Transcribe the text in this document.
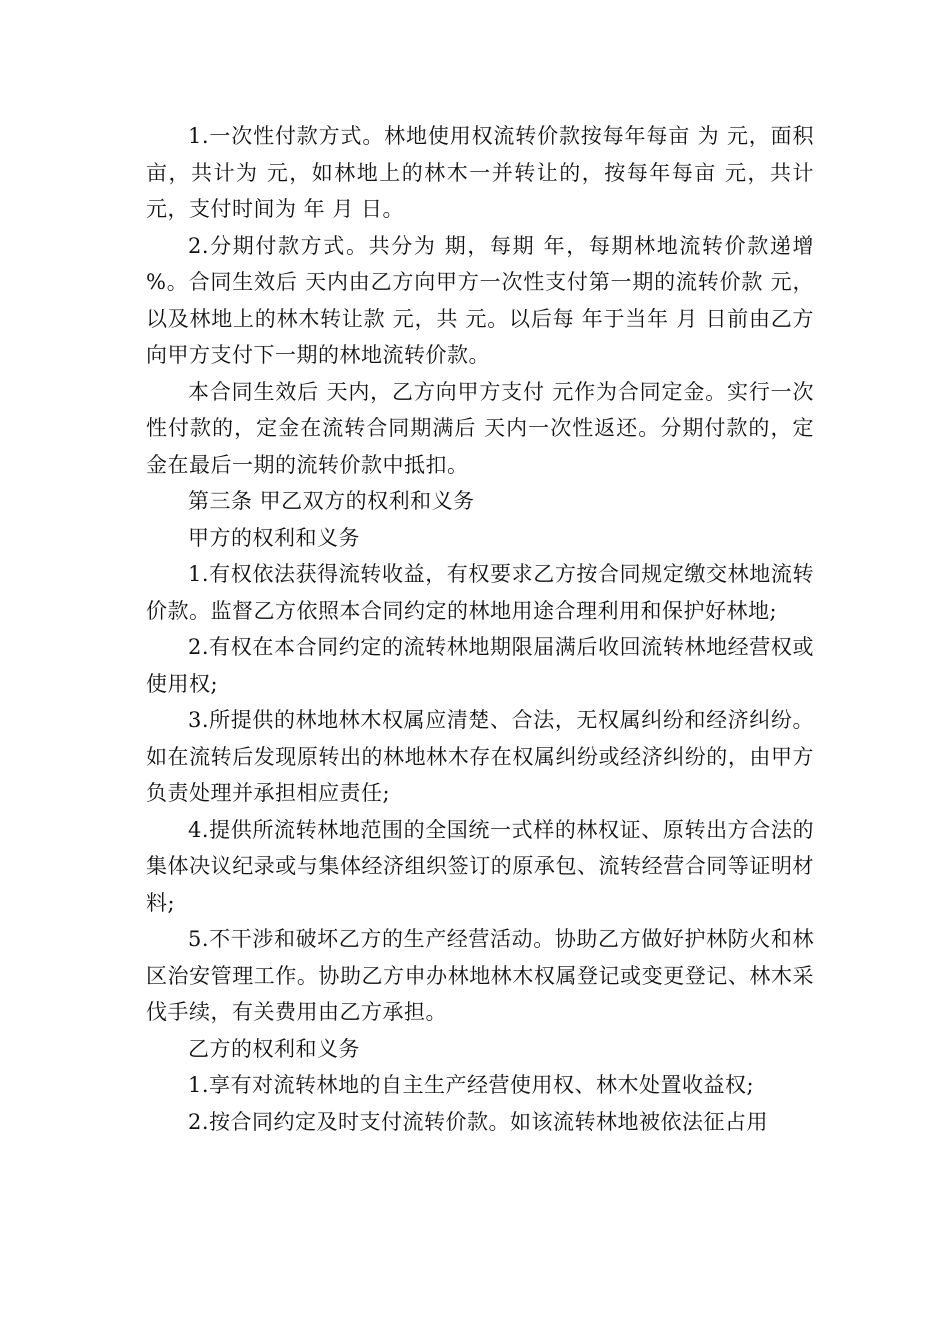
1.一次性付款方式。林地使用权流转价款按每年每亩 为 元，面积 亩，共计为 元，如林地上的林木一并转让的，按每年每亩 元，共计 元，支付时间为 年 月 日。

2.分期付款方式。共分为 期，每期 年，每期林地流转价款递增 %。合同生效后 天内由乙方向甲方一次性支付第一期的流转价款 元，以及林地上的林木转让款 元，共 元。以后每 年于当年 月 日前由乙方向甲方支付下一期的林地流转价款。

本合同生效后 天内，乙方向甲方支付 元作为合同定金。实行一次性付款的，定金在流转合同期满后 天内一次性返还。分期付款的，定金在最后一期的流转价款中抵扣。

第三条 甲乙双方的权利和义务

甲方的权利和义务

1.有权依法获得流转收益，有权要求乙方按合同规定缴交林地流转价款。监督乙方依照本合同约定的林地用途合理利用和保护好林地;

2.有权在本合同约定的流转林地期限届满后收回流转林地经营权或使用权;

3.所提供的林地林木权属应清楚、合法，无权属纠纷和经济纠纷。如在流转后发现原转出的林地林木存在权属纠纷或经济纠纷的，由甲方负责处理并承担相应责任;

4.提供所流转林地范围的全国统一式样的林权证、原转出方合法的集体决议纪录或与集体经济组织签订的原承包、流转经营合同等证明材料;

5.不干涉和破坏乙方的生产经营活动。协助乙方做好护林防火和林区治安管理工作。协助乙方申办林地林木权属登记或变更登记、林木采伐手续，有关费用由乙方承担。

乙方的权利和义务

1.享有对流转林地的自主生产经营使用权、林木处置收益权;

2.按合同约定及时支付流转价款。如该流转林地被依法征占用
